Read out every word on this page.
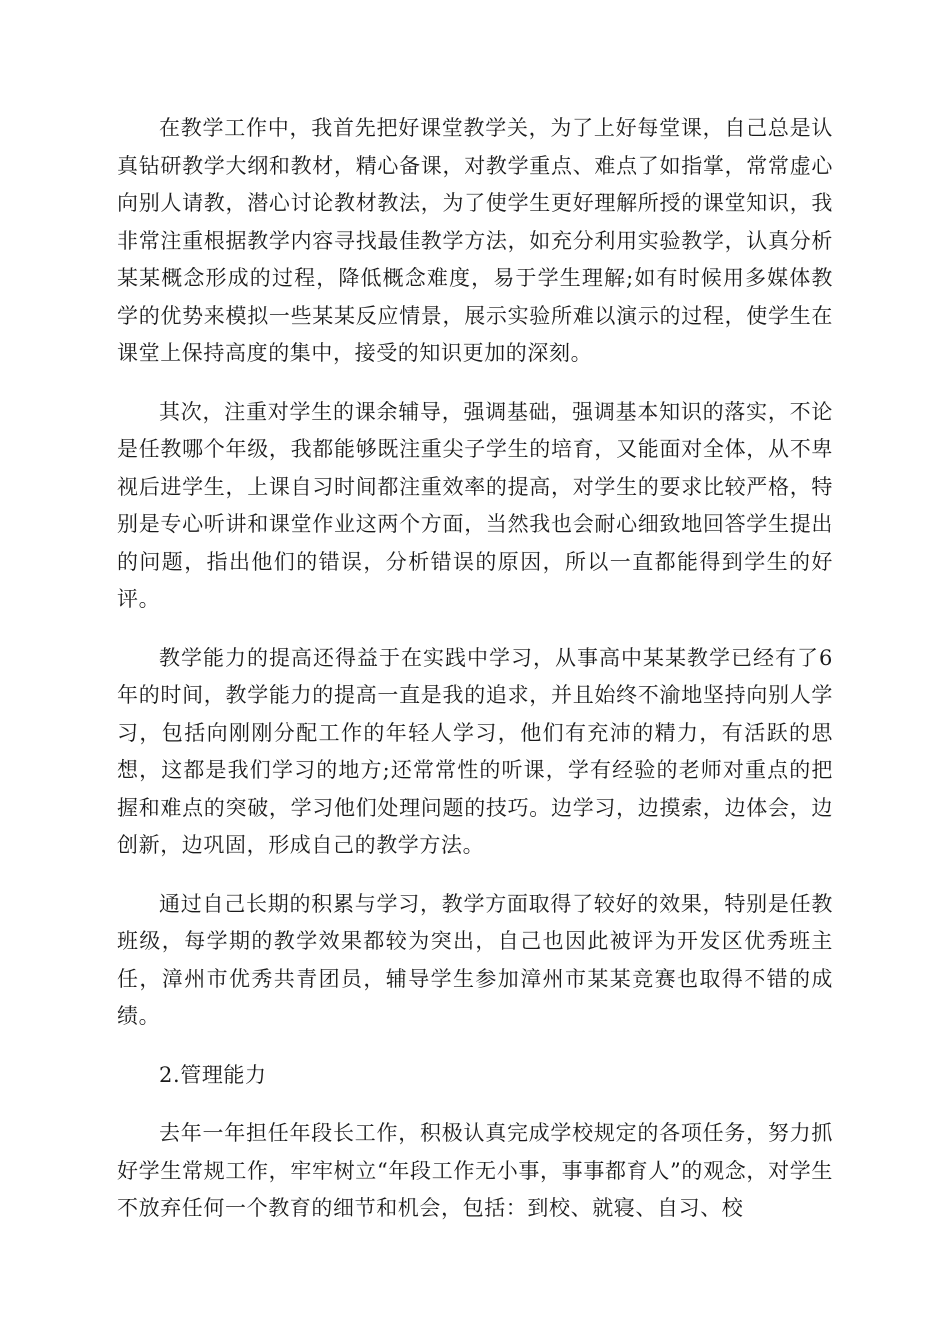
在教学工作中，我首先把好课堂教学关，为了上好每堂课，自己总是认真钻研教学大纲和教材，精心备课，对教学重点、难点了如指掌，常常虚心向别人请教，潜心讨论教材教法，为了使学生更好理解所授的课堂知识，我非常注重根据教学内容寻找最佳教学方法，如充分利用实验教学，认真分析某某概念形成的过程，降低概念难度，易于学生理解;如有时候用多媒体教学的优势来模拟一些某某反应情景，展示实验所难以演示的过程，使学生在课堂上保持高度的集中，接受的知识更加的深刻。

其次，注重对学生的课余辅导，强调基础，强调基本知识的落实，不论是任教哪个年级，我都能够既注重尖子学生的培育，又能面对全体，从不卑视后进学生，上课自习时间都注重效率的提高，对学生的要求比较严格，特别是专心听讲和课堂作业这两个方面，当然我也会耐心细致地回答学生提出的问题，指出他们的错误，分析错误的原因，所以一直都能得到学生的好评。

教学能力的提高还得益于在实践中学习，从事高中某某教学已经有了6年的时间，教学能力的提高一直是我的追求，并且始终不渝地坚持向别人学习，包括向刚刚分配工作的年轻人学习，他们有充沛的精力，有活跃的思想，这都是我们学习的地方;还常常性的听课，学有经验的老师对重点的把握和难点的突破，学习他们处理问题的技巧。边学习，边摸索，边体会，边创新，边巩固，形成自己的教学方法。

通过自己长期的积累与学习，教学方面取得了较好的效果，特别是任教班级，每学期的教学效果都较为突出，自己也因此被评为开发区优秀班主任，漳州市优秀共青团员，辅导学生参加漳州市某某竞赛也取得不错的成绩。

2.管理能力

去年一年担任年段长工作，积极认真完成学校规定的各项任务，努力抓好学生常规工作，牢牢树立“年段工作无小事，事事都育人”的观念，对学生不放弃任何一个教育的细节和机会，包括：到校、就寝、自习、校
